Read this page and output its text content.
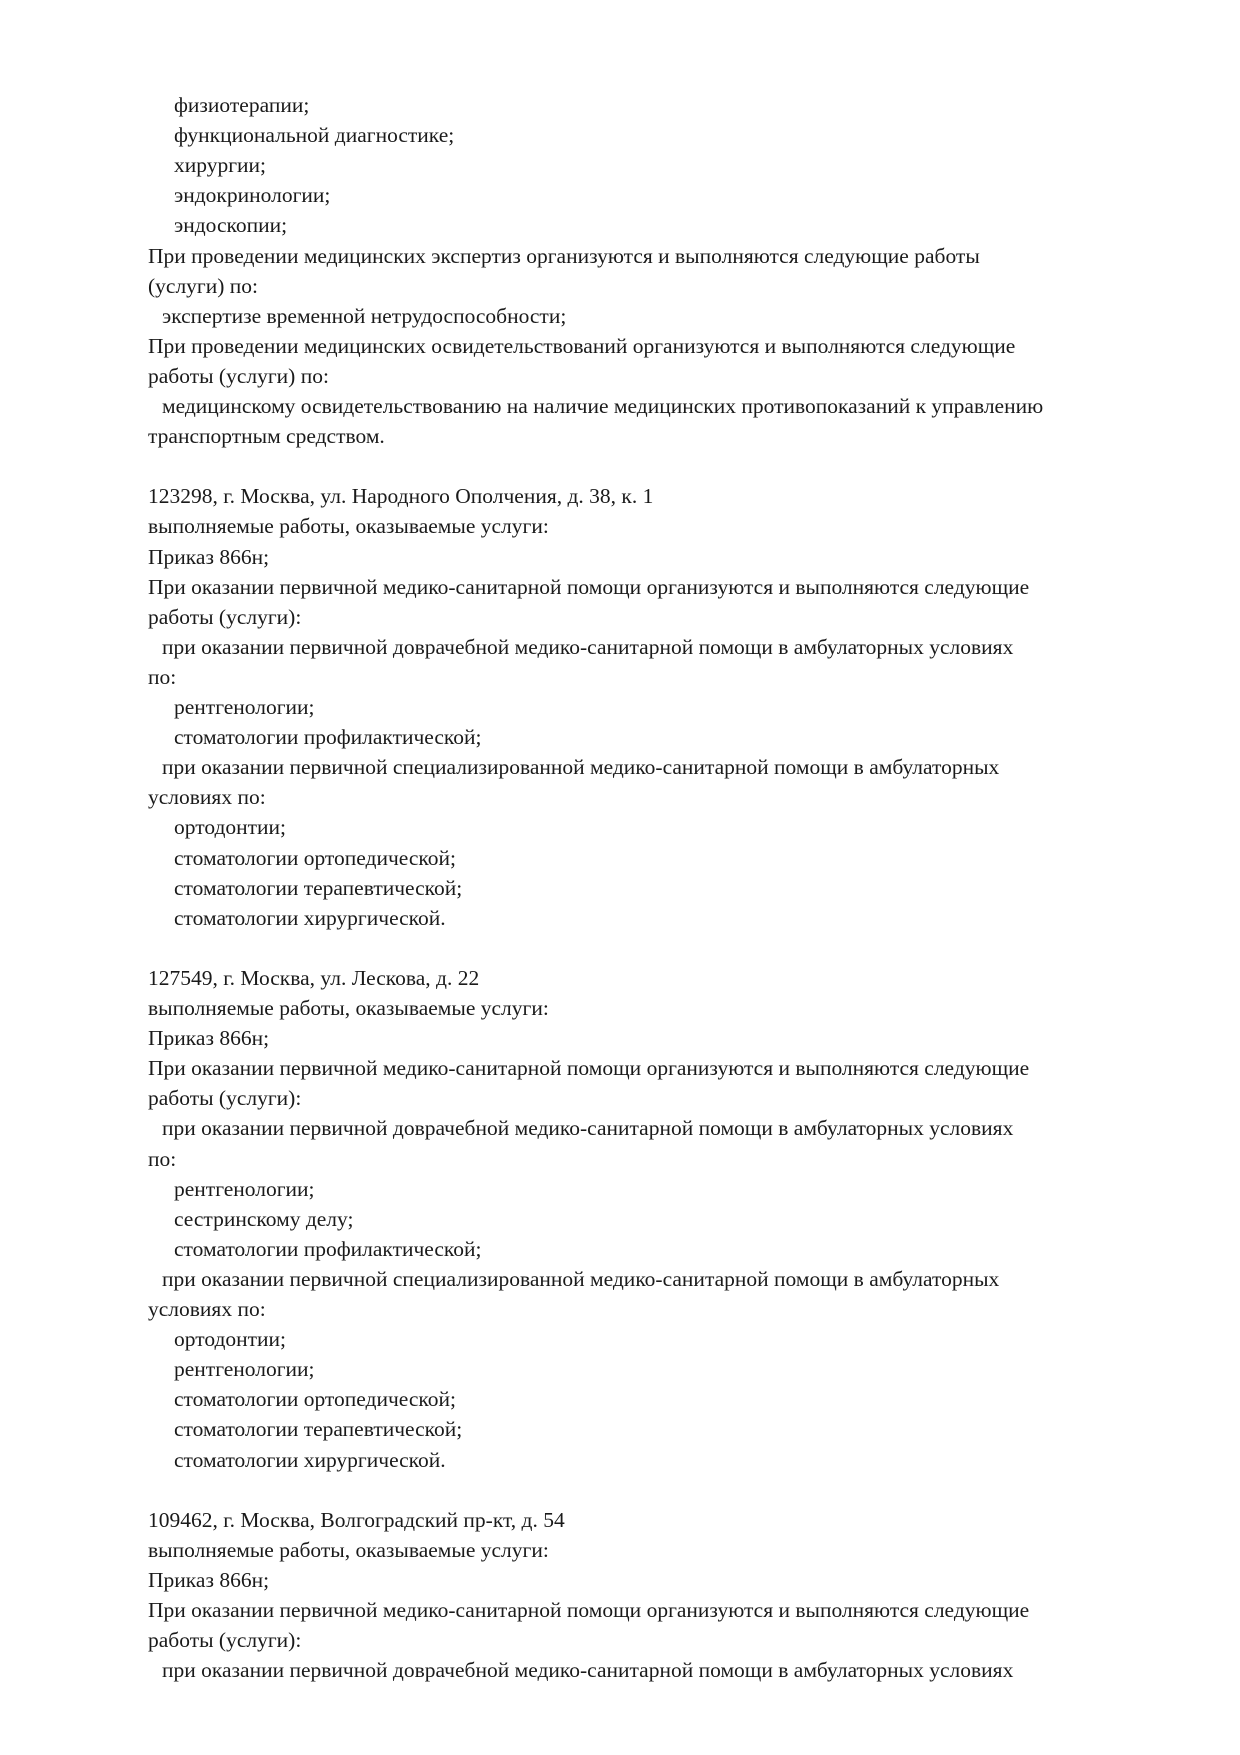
физиотерапии;
функциональной диагностике;
хирургии;
эндокринологии;
эндоскопии;
При проведении медицинских экспертиз организуются и выполняются следующие работы
(услуги) по:
экспертизе временной нетрудоспособности;
При проведении медицинских освидетельствований организуются и выполняются следующие
работы (услуги) по:
медицинскому освидетельствованию на наличие медицинских противопоказаний к управлению
транспортным средством.
123298, г. Москва, ул. Народного Ополчения, д. 38, к. 1
выполняемые работы, оказываемые услуги:
Приказ 866н;
При оказании первичной медико-санитарной помощи организуются и выполняются следующие
работы (услуги):
при оказании первичной доврачебной медико-санитарной помощи в амбулаторных условиях
по:
рентгенологии;
стоматологии профилактической;
при оказании первичной специализированной медико-санитарной помощи в амбулаторных
условиях по:
ортодонтии;
стоматологии ортопедической;
стоматологии терапевтической;
стоматологии хирургической.
127549, г. Москва, ул. Лескова, д. 22
выполняемые работы, оказываемые услуги:
Приказ 866н;
При оказании первичной медико-санитарной помощи организуются и выполняются следующие
работы (услуги):
при оказании первичной доврачебной медико-санитарной помощи в амбулаторных условиях
по:
рентгенологии;
сестринскому делу;
стоматологии профилактической;
при оказании первичной специализированной медико-санитарной помощи в амбулаторных
условиях по:
ортодонтии;
рентгенологии;
стоматологии ортопедической;
стоматологии терапевтической;
стоматологии хирургической.
109462, г. Москва, Волгоградский пр-кт, д. 54
выполняемые работы, оказываемые услуги:
Приказ 866н;
При оказании первичной медико-санитарной помощи организуются и выполняются следующие
работы (услуги):
при оказании первичной доврачебной медико-санитарной помощи в амбулаторных условиях
